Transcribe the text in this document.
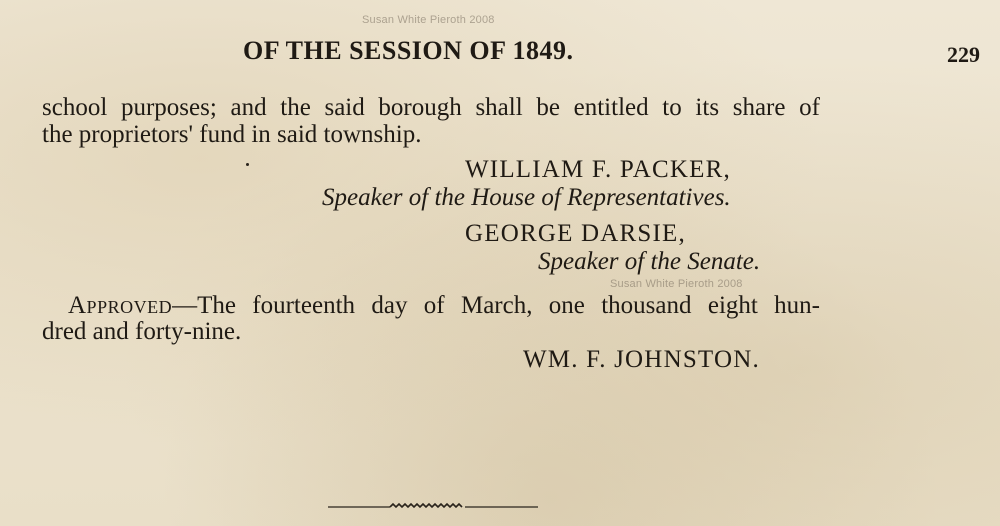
Susan White Pieroth 2008
OF THE SESSION OF 1849.	229
school purposes; and the said borough shall be entitled to its share of
the proprietors' fund in said township.
WILLIAM F. PACKER,
Speaker of the House of Representatives.
GEORGE DARSIE,
Speaker of the Senate.
Susan White Pieroth 2008
Approved—The fourteenth day of March, one thousand eight hun-
dred and forty-nine.
WM. F. JOHNSTON.
